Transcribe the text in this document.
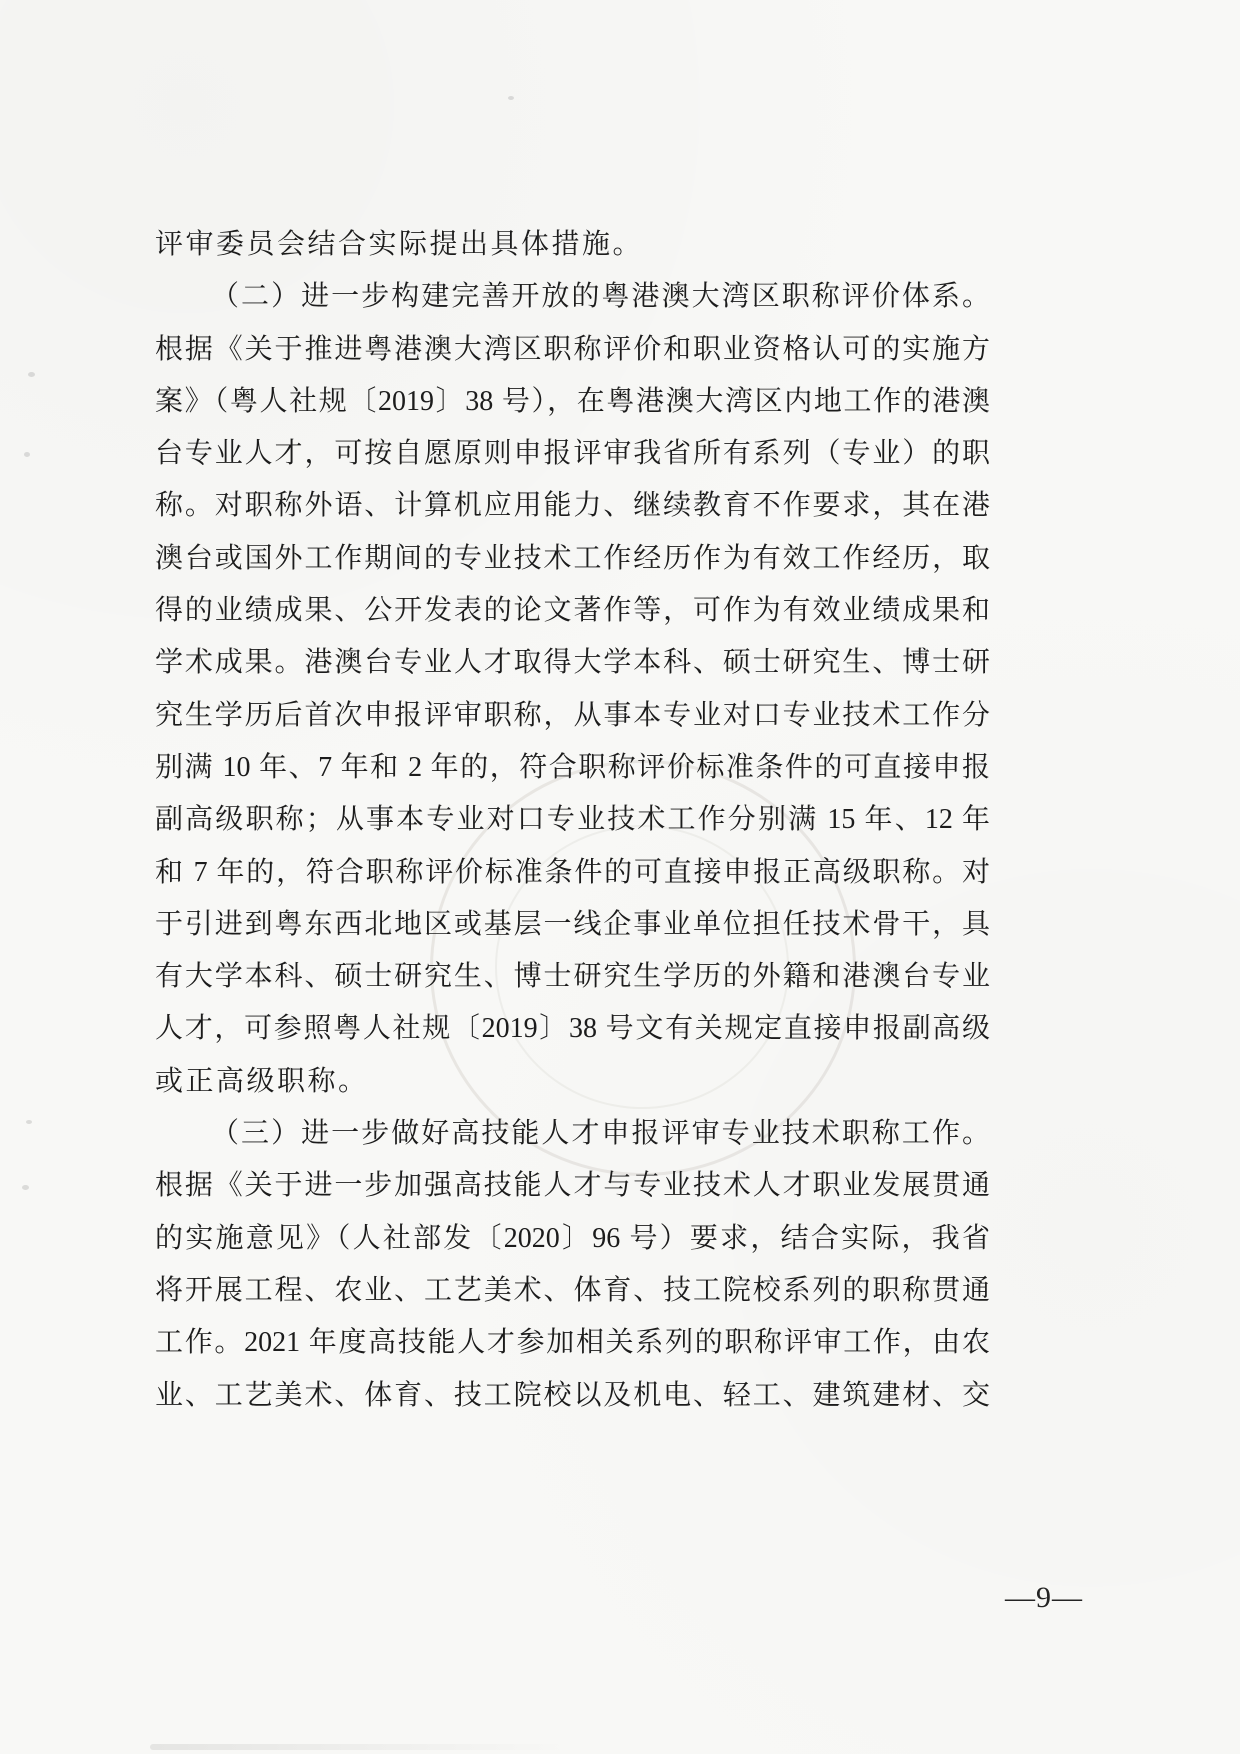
评审委员会结合实际提出具体措施。
（二）进一步构建完善开放的粤港澳大湾区职称评价体系。
根据《关于推进粤港澳大湾区职称评价和职业资格认可的实施方
案》（粤人社规〔2019〕38 号），在粤港澳大湾区内地工作的港澳
台专业人才，可按自愿原则申报评审我省所有系列（专业）的职
称。对职称外语、计算机应用能力、继续教育不作要求，其在港
澳台或国外工作期间的专业技术工作经历作为有效工作经历，取
得的业绩成果、公开发表的论文著作等，可作为有效业绩成果和
学术成果。港澳台专业人才取得大学本科、硕士研究生、博士研
究生学历后首次申报评审职称，从事本专业对口专业技术工作分
别满 10 年、7 年和 2 年的，符合职称评价标准条件的可直接申报
副高级职称；从事本专业对口专业技术工作分别满 15 年、12 年
和 7 年的，符合职称评价标准条件的可直接申报正高级职称。对
于引进到粤东西北地区或基层一线企事业单位担任技术骨干，具
有大学本科、硕士研究生、博士研究生学历的外籍和港澳台专业
人才，可参照粤人社规〔2019〕38 号文有关规定直接申报副高级
或正高级职称。
（三）进一步做好高技能人才申报评审专业技术职称工作。
根据《关于进一步加强高技能人才与专业技术人才职业发展贯通
的实施意见》（人社部发〔2020〕96 号）要求，结合实际，我省
将开展工程、农业、工艺美术、体育、技工院校系列的职称贯通
工作。2021 年度高技能人才参加相关系列的职称评审工作，由农
业、工艺美术、体育、技工院校以及机电、轻工、建筑建材、交
—9—
